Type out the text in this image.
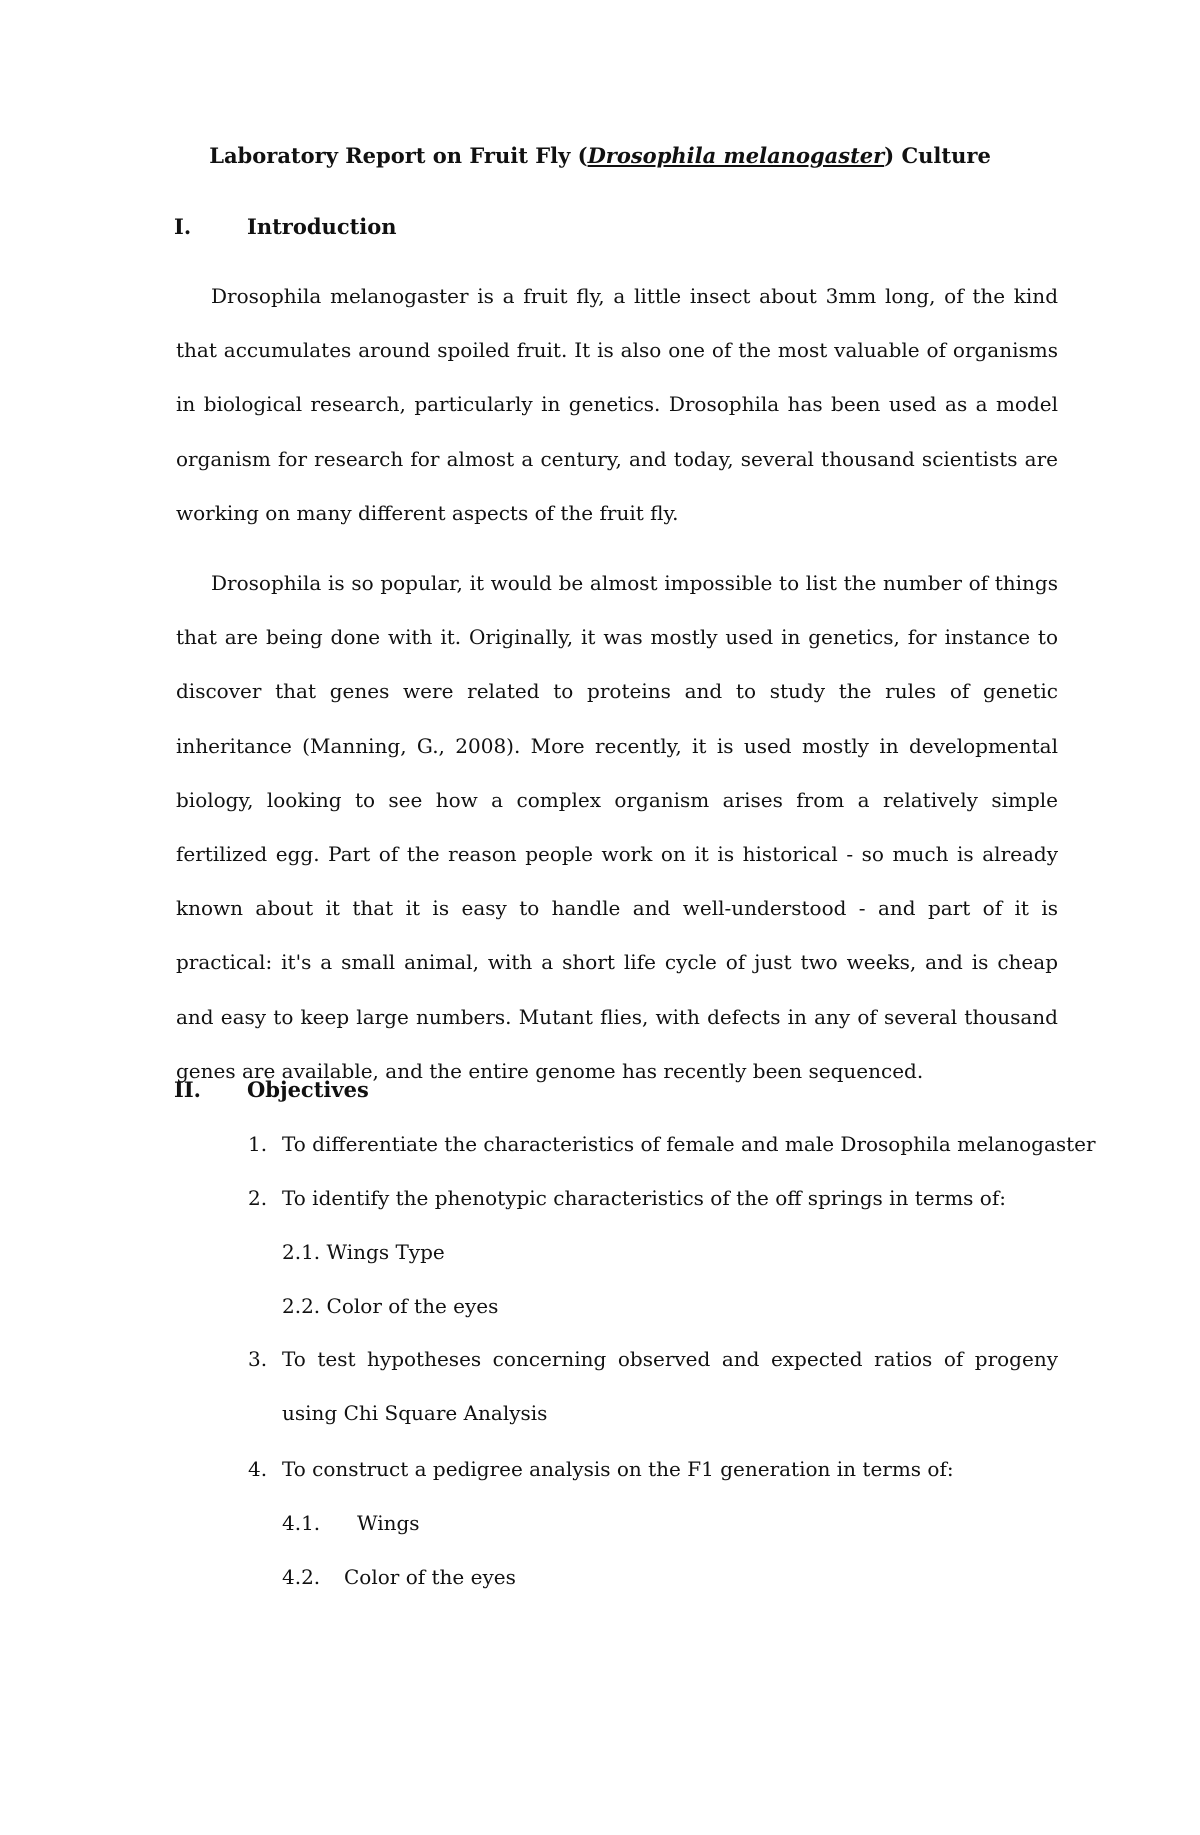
Laboratory Report on Fruit Fly (Drosophila melanogaster) Culture
I.	Introduction

Drosophila melanogaster is a fruit fly, a little insect about 3mm long, of the kind that accumulates around spoiled fruit. It is also one of the most valuable of organisms in biological research, particularly in genetics. Drosophila has been used as a model organism for research for almost a century, and today, several thousand scientists are working on many different aspects of the fruit fly.

Drosophila is so popular, it would be almost impossible to list the number of things that are being done with it. Originally, it was mostly used in genetics, for instance to discover that genes were related to proteins and to study the rules of genetic inheritance (Manning, G., 2008). More recently, it is used mostly in developmental biology, looking to see how a complex organism arises from a relatively simple fertilized egg. Part of the reason people work on it is historical - so much is already known about it that it is easy to handle and well-understood - and part of it is practical: it's a small animal, with a short life cycle of just two weeks, and is cheap and easy to keep large numbers. Mutant flies, with defects in any of several thousand genes are available, and the entire genome has recently been sequenced.

II. Objectives
1. To differentiate the characteristics of female and male Drosophila melanogaster
2. To identify the phenotypic characteristics of the off springs in terms of:
2.1. Wings Type
2.2. Color of the eyes
3. To test hypotheses concerning observed and expected ratios of progeny using Chi Square Analysis
4. To construct a pedigree analysis on the F1 generation in terms of:
4.1. Wings
4.2. Color of the eyes
